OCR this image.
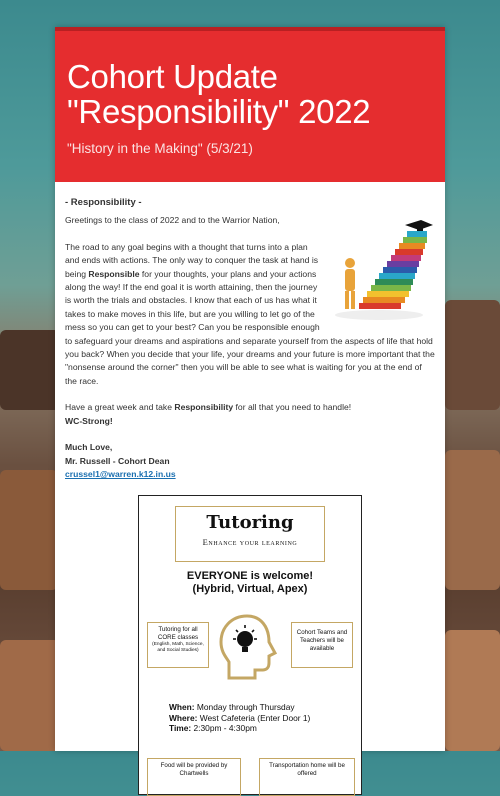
Cohort Update
"Responsibility" 2022
"History in the Making" (5/3/21)
- Responsibility -
Greetings to the class of 2022 and to the Warrior Nation,
The road to any goal begins with a thought that turns into a plan and ends with actions. The only way to conquer the task at hand is being Responsible for your thoughts, your plans and your actions along the way! If the end goal it is worth attaining, then the journey is worth the trials and obstacles. I know that each of us has what it takes to make moves in this life, but are you willing to let go of the mess so you can get to your best? Can you be responsible enough to safeguard your dreams and aspirations and separate yourself from the aspects of life that hold you back? When you decide that your life, your dreams and your future is more important that the "nonsense around the corner" then you will be able to see what is waiting for you at the end of the race.
Have a great week and take Responsibility for all that you need to handle!
WC-Strong!
Much Love,
Mr. Russell - Cohort Dean
crussel1@warren.k12.in.us
Tutoring
Enhance your learning
EVERYONE is welcome!
(Hybrid, Virtual, Apex)
Tutoring for all CORE classes
(English, Math, Science, and Social Studies)
Cohort Teams and Teachers will be available
When: Monday through Thursday
Where: West Cafeteria (Enter Door 1)
Time: 2:30pm - 4:30pm
Food will be provided by Chartwells
Transportation home will be offered
